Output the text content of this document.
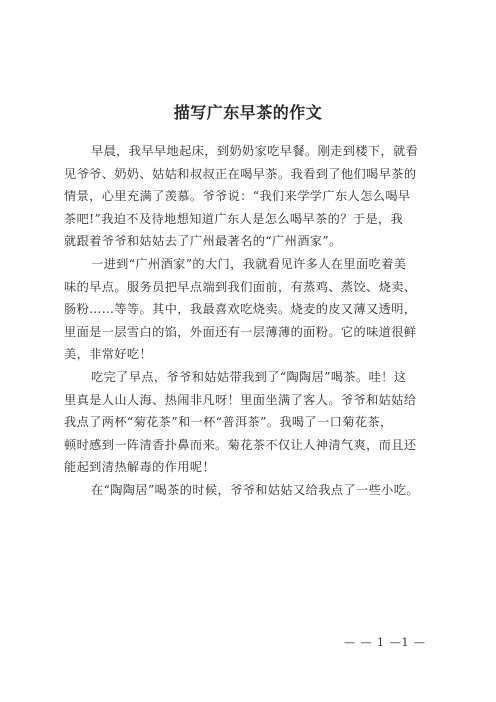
描写广东早茶的作文
早晨，我早早地起床，到奶奶家吃早餐。刚走到楼下，就看
见爷爷、奶奶、姑姑和叔叔正在喝早茶。我看到了他们喝早茶的
情景，心里充满了羡慕。爷爷说：“我们来学学广东人怎么喝早
茶吧!”我迫不及待地想知道广东人是怎么喝早茶的？于是，我
就跟着爷爷和姑姑去了广州最著名的“广州酒家”。
一进到“广州酒家”的大门，我就看见许多人在里面吃着美
味的早点。服务员把早点端到我们面前，有蒸鸡、蒸饺、烧卖、
肠粉……等等。其中，我最喜欢吃烧卖。烧麦的皮又薄又透明，
里面是一层雪白的馅，外面还有一层薄薄的面粉。它的味道很鲜
美，非常好吃！
吃完了早点，爷爷和姑姑带我到了“陶陶居”喝茶。哇！这
里真是人山人海、热闹非凡呀！里面坐满了客人。爷爷和姑姑给
我点了两杯“菊花茶”和一杯“普洱茶”。我喝了一口菊花茶，
顿时感到一阵清香扑鼻而来。菊花茶不仅让人神清气爽，而且还
能起到清热解毒的作用呢！
在“陶陶居”喝茶的时候，爷爷和姑姑又给我点了一些小吃。
— — 1 —1 —
